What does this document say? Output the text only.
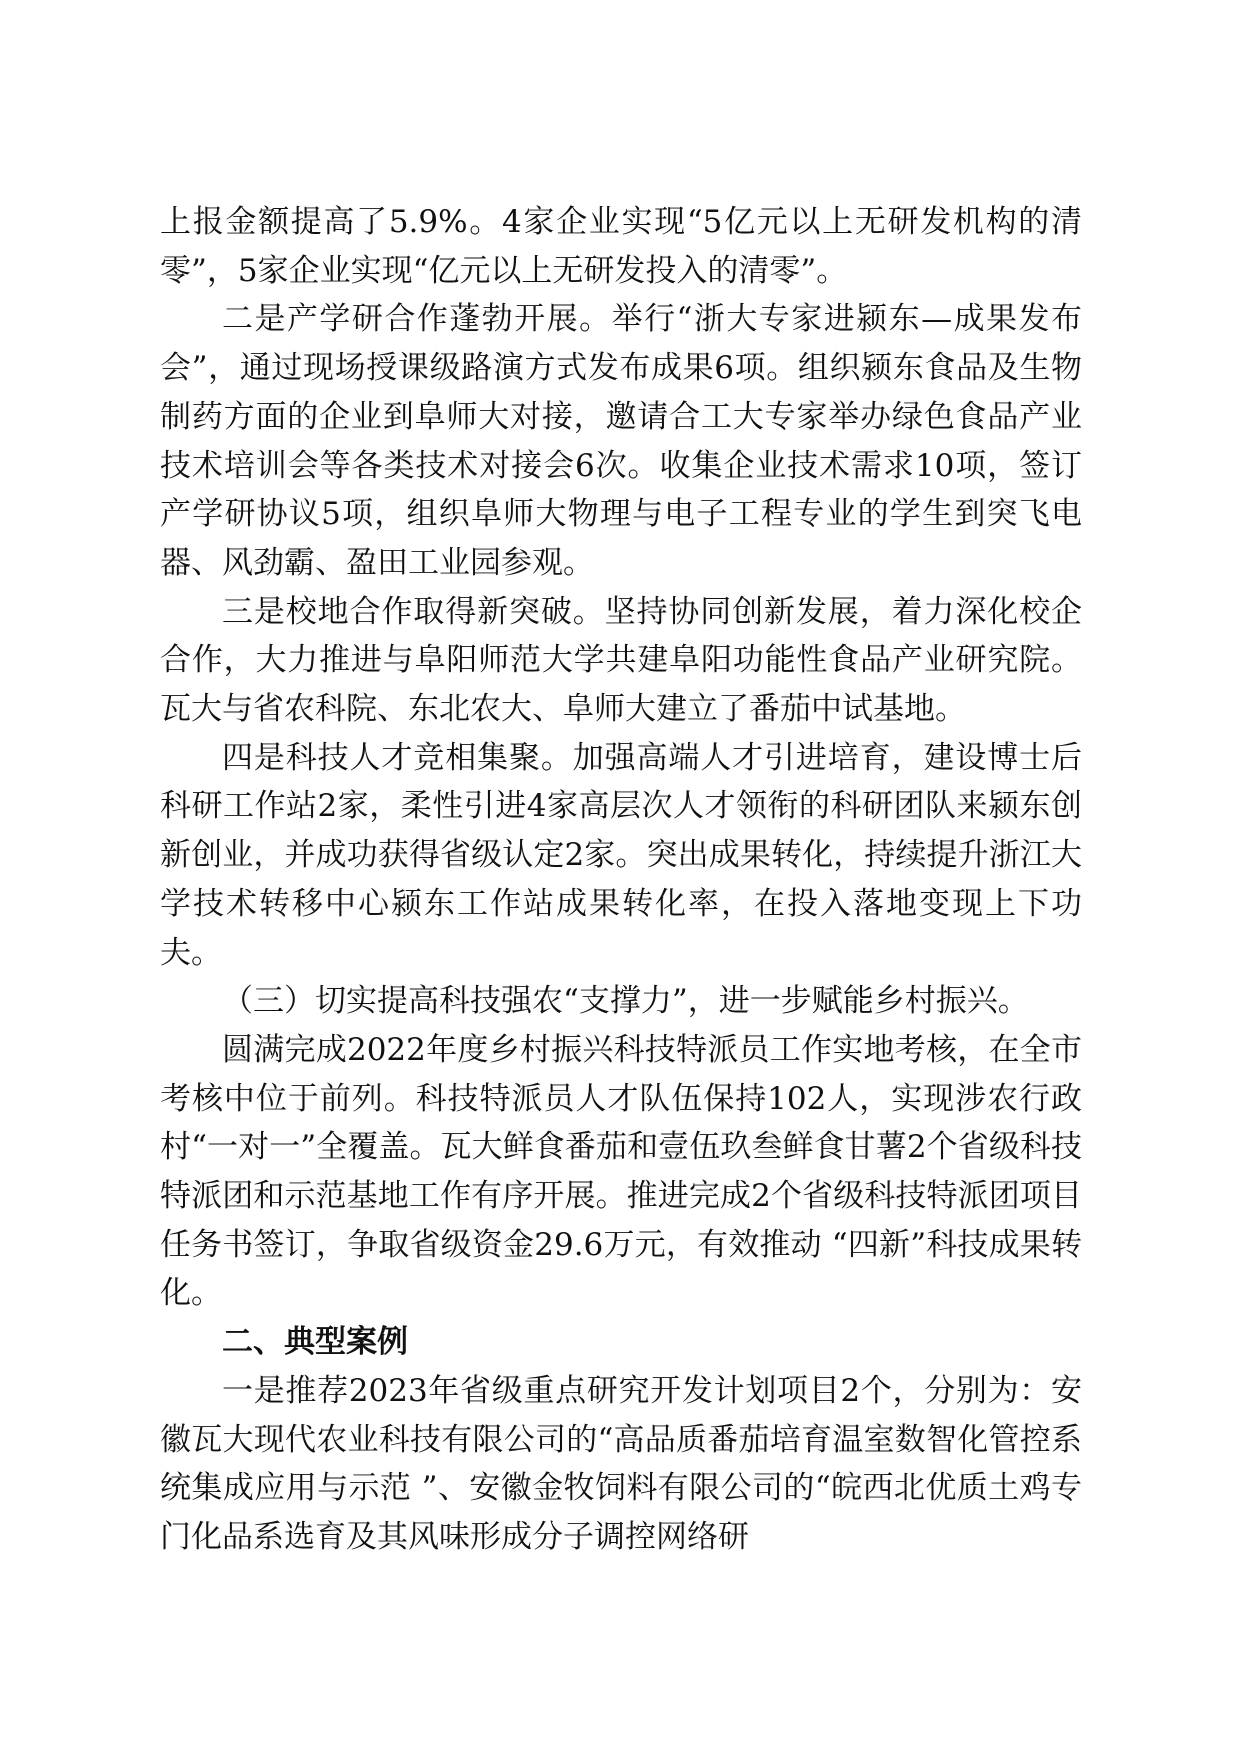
上报金额提高了5.9%。4家企业实现“5亿元以上无研发机构的清零”，5家企业实现“亿元以上无研发投入的清零”。

二是产学研合作蓬勃开展。举行“浙大专家进颍东—成果发布会”，通过现场授课级路演方式发布成果6项。组织颍东食品及生物制药方面的企业到阜师大对接，邀请合工大专家举办绿色食品产业技术培训会等各类技术对接会6次。收集企业技术需求10项，签订产学研协议5项，组织阜师大物理与电子工程专业的学生到突飞电器、风劲霸、盈田工业园参观。

三是校地合作取得新突破。坚持协同创新发展，着力深化校企合作，大力推进与阜阳师范大学共建阜阳功能性食品产业研究院。瓦大与省农科院、东北农大、阜师大建立了番茄中试基地。

四是科技人才竞相集聚。加强高端人才引进培育，建设博士后科研工作站2家，柔性引进4家高层次人才领衔的科研团队来颍东创新创业，并成功获得省级认定2家。突出成果转化，持续提升浙江大学技术转移中心颍东工作站成果转化率，在投入落地变现上下功夫。

（三）切实提高科技强农“支撑力”，进一步赋能乡村振兴。

圆满完成2022年度乡村振兴科技特派员工作实地考核，在全市考核中位于前列。科技特派员人才队伍保持102人，实现涉农行政村“一对一”全覆盖。瓦大鲜食番茄和壹伍玖叁鲜食甘薯2个省级科技特派团和示范基地工作有序开展。推进完成2个省级科技特派团项目任务书签订，争取省级资金29.6万元，有效推动 “四新”科技成果转化。

二、典型案例

一是推荐2023年省级重点研究开发计划项目2个，分别为：安徽瓦大现代农业科技有限公司的“高品质番茄培育温室数智化管控系统集成应用与示范 ”、安徽金牧饲料有限公司的“皖西北优质土鸡专门化品系选育及其风味形成分子调控网络研
